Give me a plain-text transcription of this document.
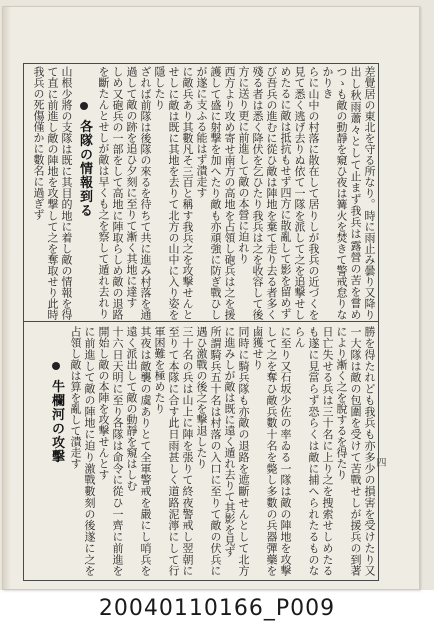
四
差覺居の東北を守る所なり。時に雨止み曇り又降り出し秋雨蕭々として止まず我兵は露營の苦を嘗めつゝも敵の動靜を窺ひ夜は篝火を焚きて警戒怠りなかりき
らに山中の村落に散在して居りしが我兵の近づくを見て悉く逃げ去りぬ依て一隊を派して之を追撃せしめたるに敵は抵抗もせず四方に散亂して影を留めず
び吾兵の進むに從ひ敵は陣地を棄て走り去る者多く殘る者は悉く降伏を乞ひたり我兵は之を收容して後方に送り更に前進して敵の本營に迫れり
西方より攻め寄せ南方の高地を占領し砲兵は之を援護して盛に射撃を加へたり敵も亦頑強に防ぎ戰ひしが遂に支ふる能はず潰走す
に敵兵あり其數凡そ三百と稱す我兵之を攻撃せんとせしに敵は既に其地を去りて北方の山中に入り姿を隱したり
ざれば前隊は後隊の來るを待ちて共に進み村落を通過して敵の跡を追ひ夕刻に至りて漸く其地に達す
しめ又砲兵の一部をして高地に陣取らしめ敵の退路を斷たんとせしが敵は早くも之を察して遁れ去れり
各隊の情報到る
山根少將の支隊は既に其目的地に着し敵の情報を得て直に前進し敵の陣地を攻撃して之を奪取せり此時我兵の死傷僅かに數名に過ぎず
勝を得たれども我兵も亦多少の損害を受けたり又一大隊は敵の包圍を受けて苦戰せしが援兵の到著により漸く之を脫するを得たり
日亡失せる兵は三十名に上り之を捜索せしめたるも遂に見當らず恐らくは敵に捕へられたるものならん
に至り又石坂少佐の率ゐる一隊は敵の陣地を攻撃して之を奪ひ敵兵數十名を斃し多數の兵器彈藥を鹵獲せり
同時に騎兵隊も亦敵の退路を遮斷せんとして北方に進みしが敵は既に遠く遁れ去りて其影を見ず
所謂騎兵五十名は村落の入口に至りて敵の伏兵に遇ひ激戰の後之を撃退したり
三十名の兵は山上に陣を張りて終夜警戒し翌朝に至りて本隊に合す此日雨甚しく道路泥濘にして行軍困難を極めたり
其夜は敵襲の虞ありとて全軍警戒を嚴にし哨兵を遠く派出して敵の動靜を窺はしむ
十六日天明に至り各隊は命令に從ひ一齊に前進を開始し敵の本陣を攻撃せんとす
に前進して敵の陣地に迫り激戰數刻の後遂に之を占領し敵は算を亂して潰走す
牛欄河の攻擊
20040110166_P009
